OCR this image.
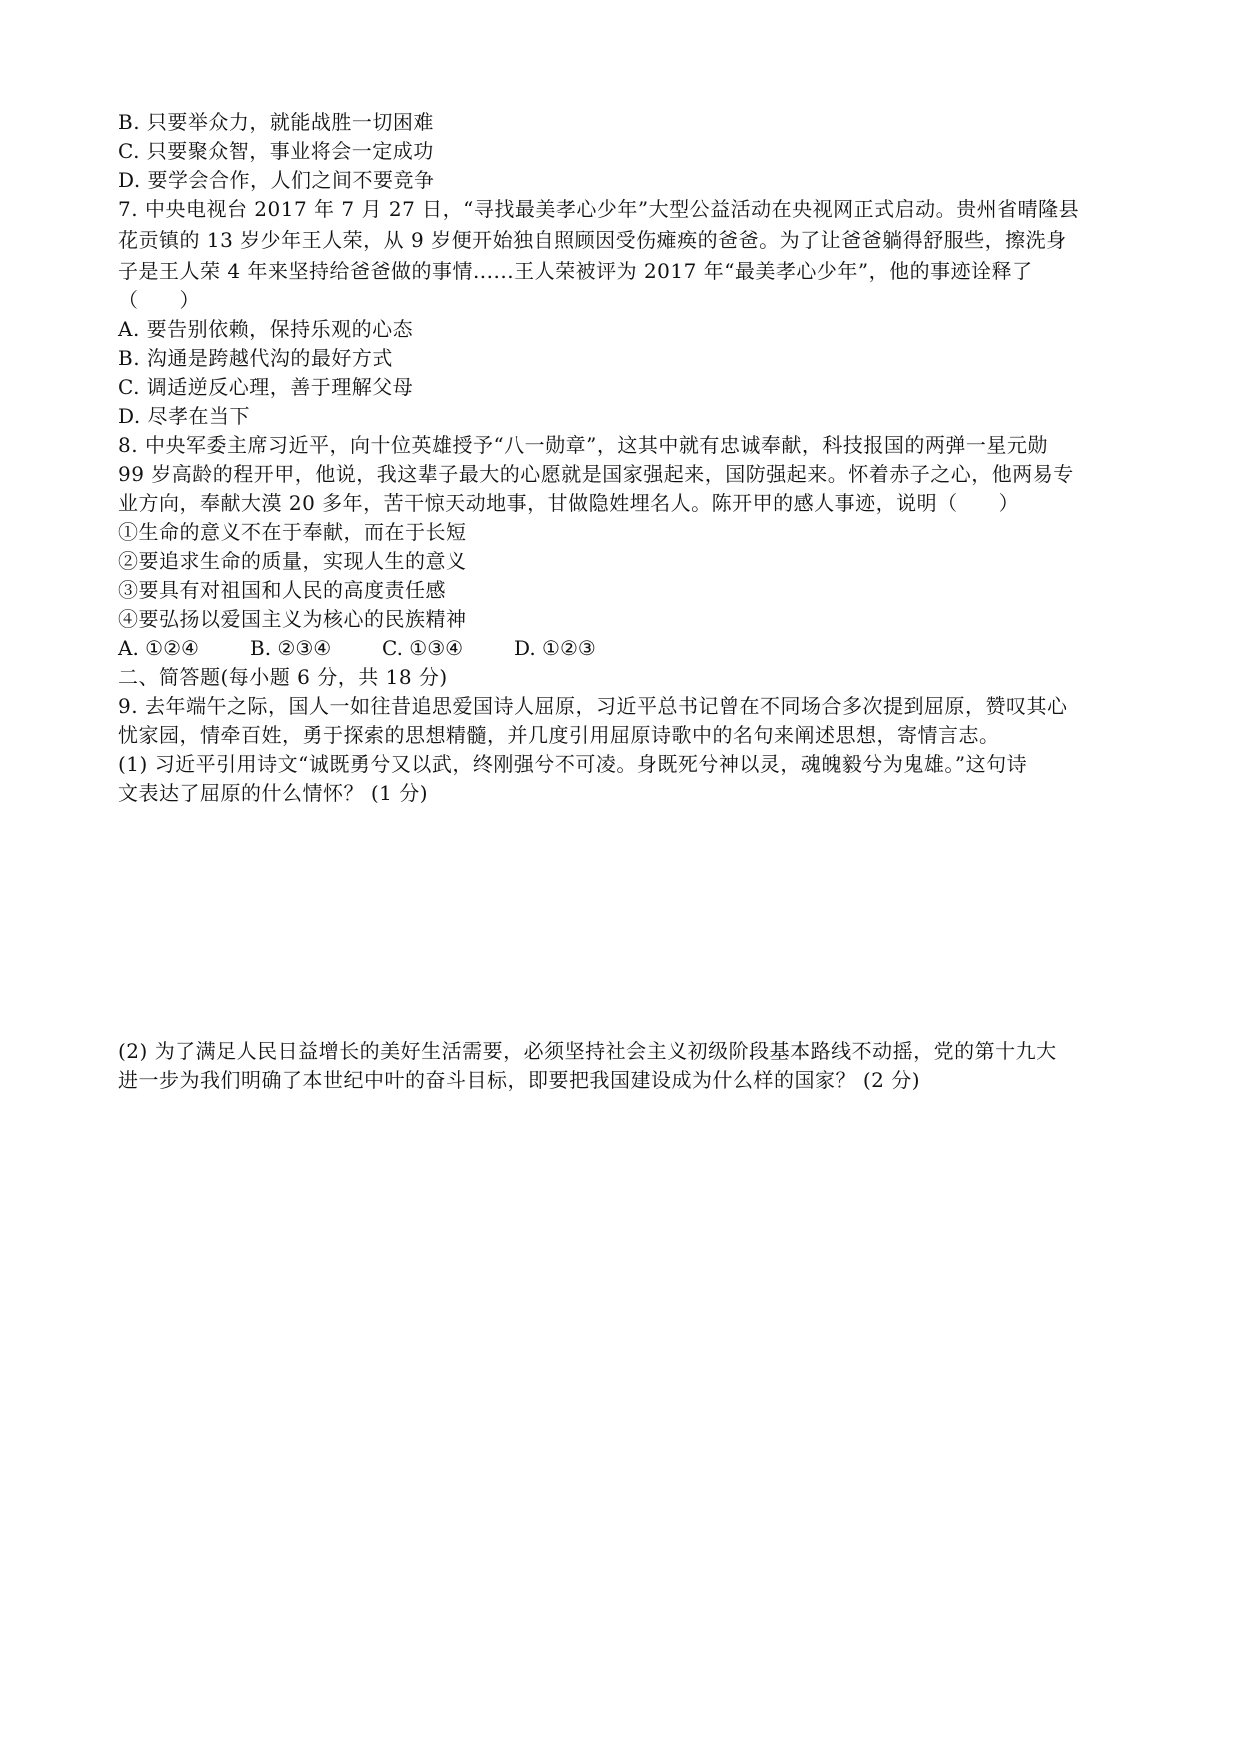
B. 只要举众力，就能战胜一切困难
C. 只要聚众智，事业将会一定成功
D. 要学会合作，人们之间不要竞争
7. 中央电视台 2017 年 7 月 27 日，“寻找最美孝心少年”大型公益活动在央视网正式启动。贵州省晴隆县
花贡镇的 13 岁少年王人荣，从 9 岁便开始独自照顾因受伤瘫痪的爸爸。为了让爸爸躺得舒服些，擦洗身
子是王人荣 4 年来坚持给爸爸做的事情......王人荣被评为 2017 年“最美孝心少年”，他的事迹诠释了
（　　）
A. 要告别依赖，保持乐观的心态
B. 沟通是跨越代沟的最好方式
C. 调适逆反心理，善于理解父母
D. 尽孝在当下
8. 中央军委主席习近平，向十位英雄授予“八一勋章”，这其中就有忠诚奉献，科技报国的两弹一星元勋
99 岁高龄的程开甲，他说，我这辈子最大的心愿就是国家强起来，国防强起来。怀着赤子之心，他两易专
业方向，奉献大漠 20 多年，苦干惊天动地事，甘做隐姓埋名人。陈开甲的感人事迹，说明（　　）
①生命的意义不在于奉献，而在于长短
②要追求生命的质量，实现人生的意义
③要具有对祖国和人民的高度责任感
④要弘扬以爱国主义为核心的民族精神
A. ①②④	B. ②③④	C. ①③④	D. ①②③
二、简答题(每小题 6 分，共 18 分)
9. 去年端午之际，国人一如往昔追思爱国诗人屈原，习近平总书记曾在不同场合多次提到屈原，赞叹其心
忧家园，情牵百姓，勇于探索的思想精髓，并几度引用屈原诗歌中的名句来阐述思想，寄情言志。
(1) 习近平引用诗文“诚既勇兮又以武，终刚强兮不可凌。身既死兮神以灵，魂魄毅兮为鬼雄。”这句诗
文表达了屈原的什么情怀？ (1 分)
(2) 为了满足人民日益增长的美好生活需要，必须坚持社会主义初级阶段基本路线不动摇，党的第十九大
进一步为我们明确了本世纪中叶的奋斗目标，即要把我国建设成为什么样的国家？ (2 分)
